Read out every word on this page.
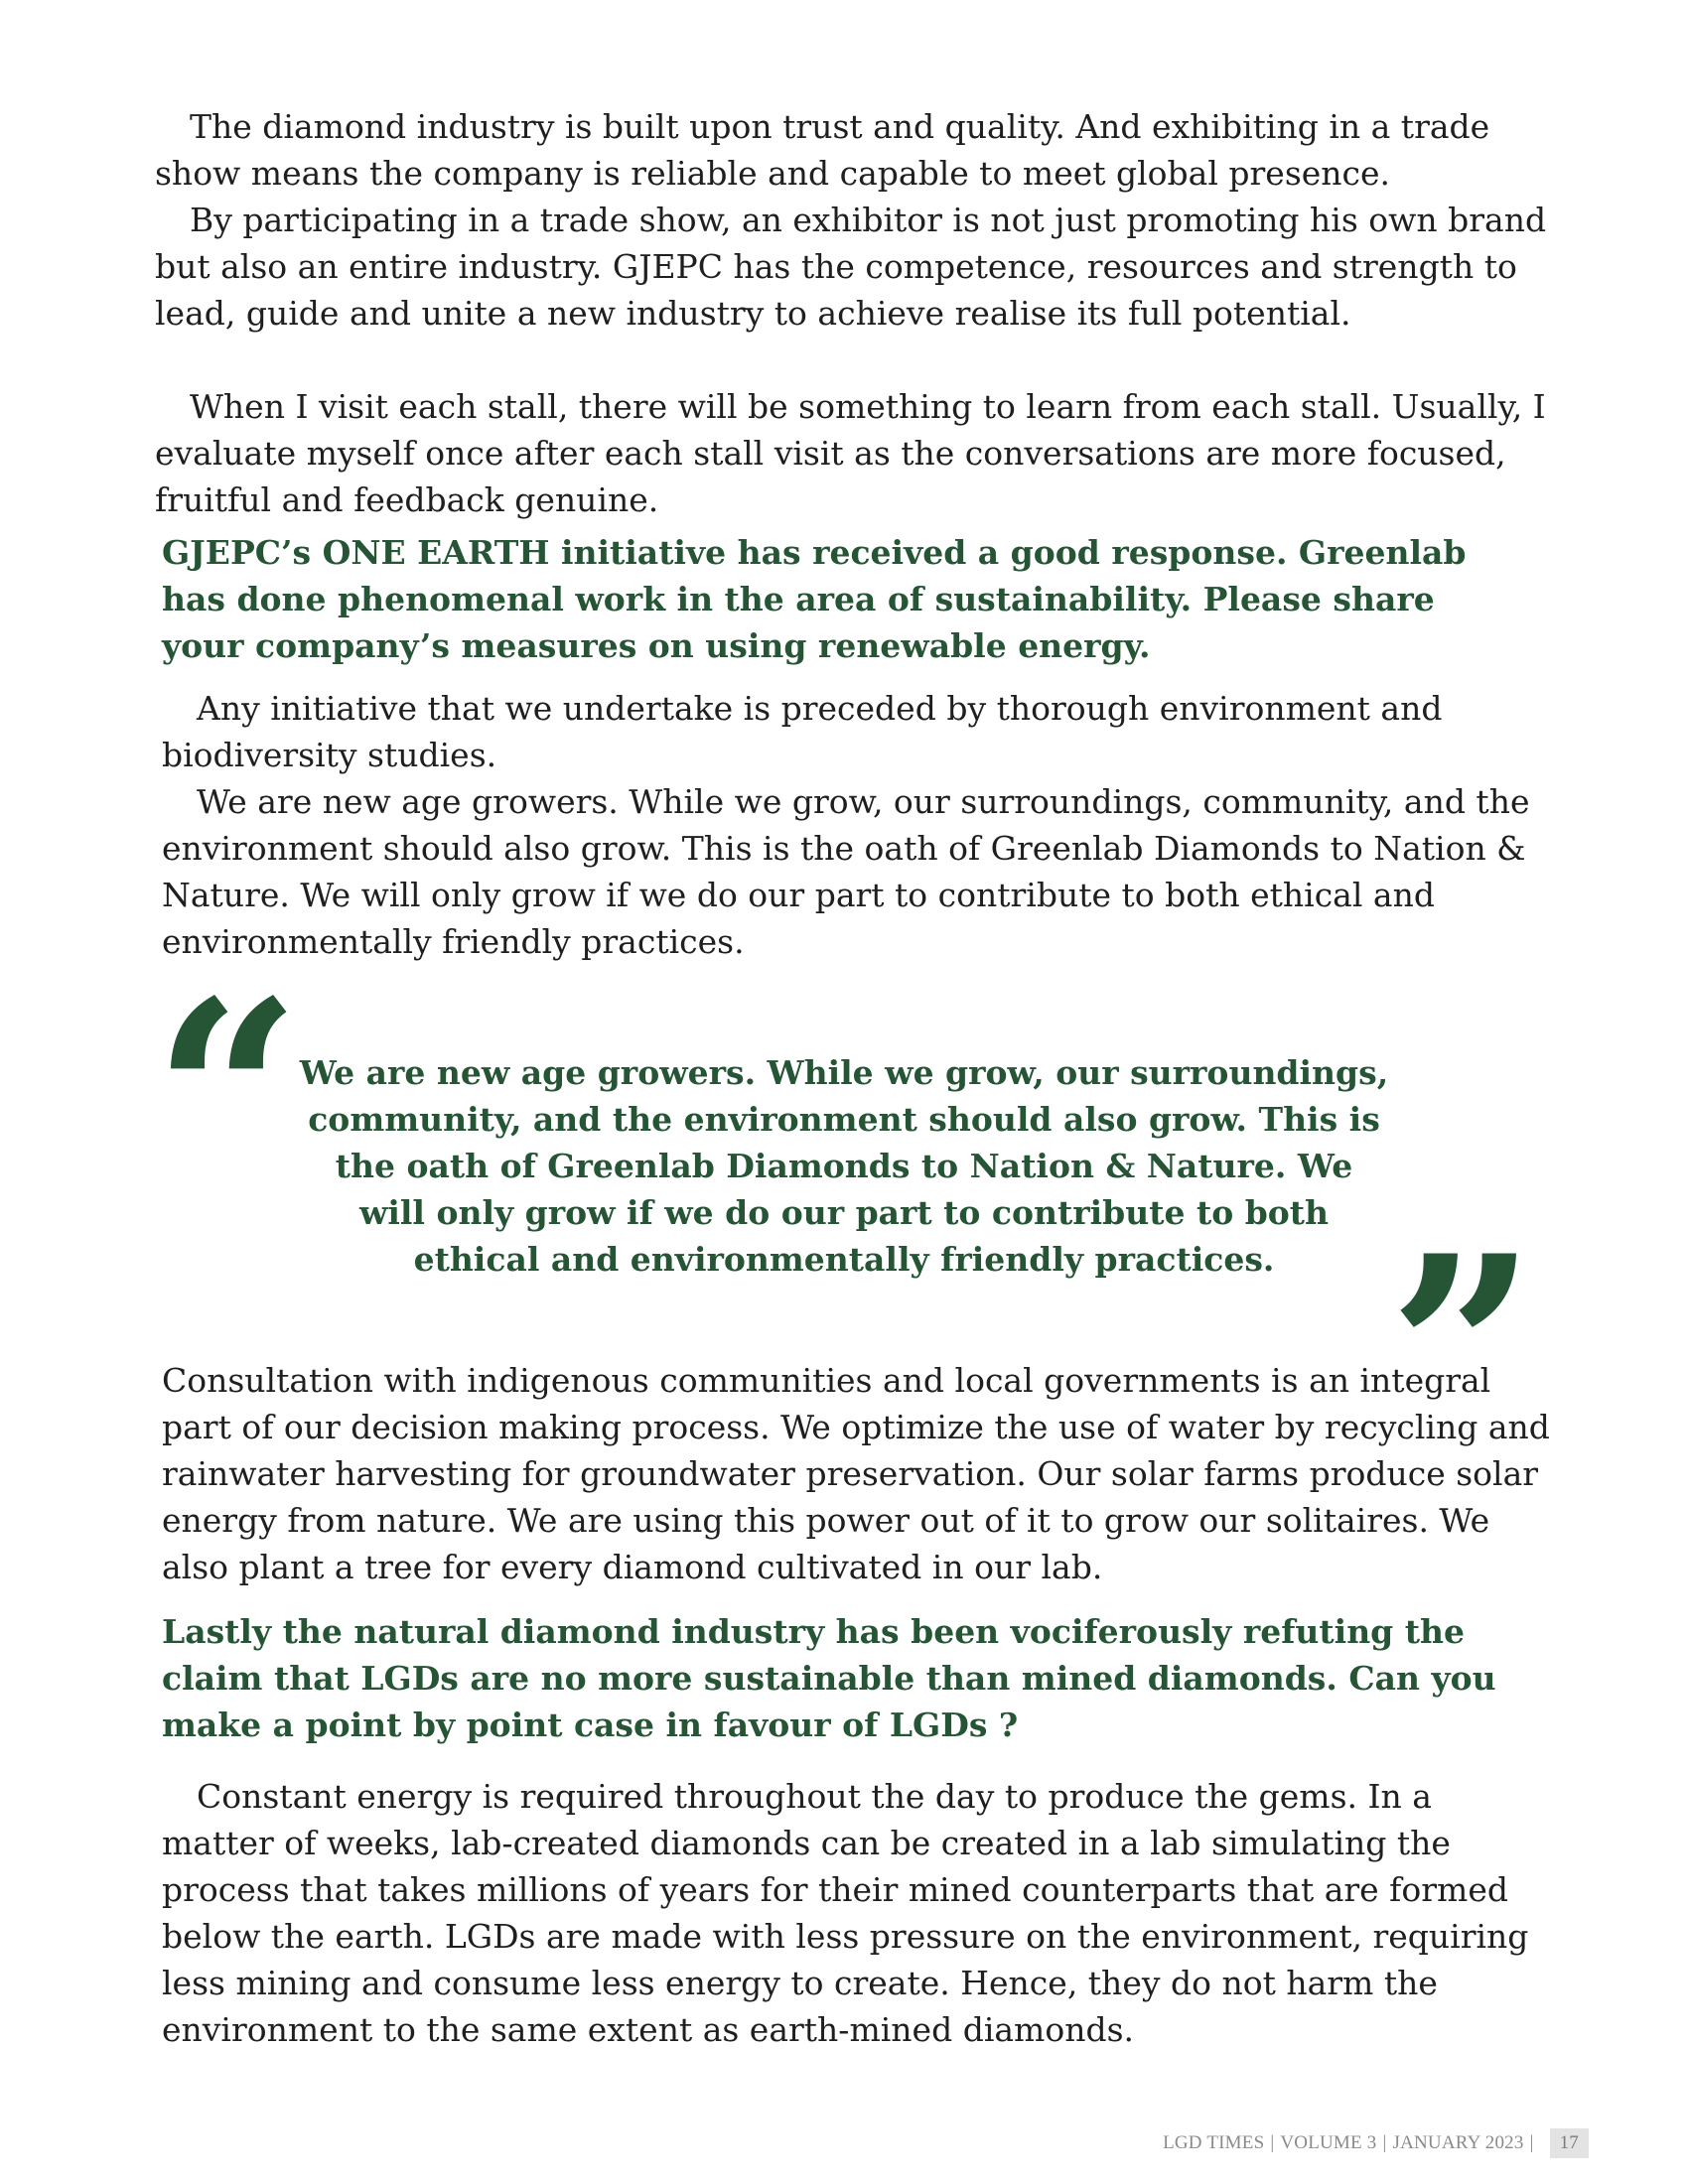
The diamond industry is built upon trust and quality. And exhibiting in a trade show means the company is reliable and capable to meet global presence.

By participating in a trade show, an exhibitor is not just promoting his own brand but also an entire industry. GJEPC has the competence, resources and strength to lead, guide and unite a new industry to achieve realise its full potential.

When I visit each stall, there will be something to learn from each stall. Usually, I evaluate myself once after each stall visit as the conversations are more focused, fruitful and feedback genuine.

GJEPC’s ONE EARTH initiative has received a good response. Greenlab has done phenomenal work in the area of sustainability. Please share your company’s measures on using renewable energy.

Any initiative that we undertake is preceded by thorough environment and biodiversity studies.

We are new age growers. While we grow, our surroundings, community, and the environment should also grow. This is the oath of Greenlab Diamonds to Nation & Nature. We will only grow if we do our part to contribute to both ethical and environmentally friendly practices.

“

We are new age growers. While we grow, our surroundings, community, and the environment should also grow. This is the oath of Greenlab Diamonds to Nation & Nature. We will only grow if we do our part to contribute to both ethical and environmentally friendly practices. ”

Consultation with indigenous communities and local governments is an integral part of our decision making process. We optimize the use of water by recycling and rainwater harvesting for groundwater preservation. Our solar farms produce solar energy from nature. We are using this power out of it to grow our solitaires. We also plant a tree for every diamond cultivated in our lab.

Lastly the natural diamond industry has been vociferously refuting the claim that LGDs are no more sustainable than mined diamonds. Can you make a point by point case in favour of LGDs ?

Constant energy is required throughout the day to produce the gems. In a matter of weeks, lab-created diamonds can be created in a lab simulating the process that takes millions of years for their mined counterparts that are formed below the earth. LGDs are made with less pressure on the environment, requiring less mining and consume less energy to create. Hence, they do not harm the environment to the same extent as earth-mined diamonds.

LGD TIMES | VOLUME 3 | JANUARY 2023 |	17
